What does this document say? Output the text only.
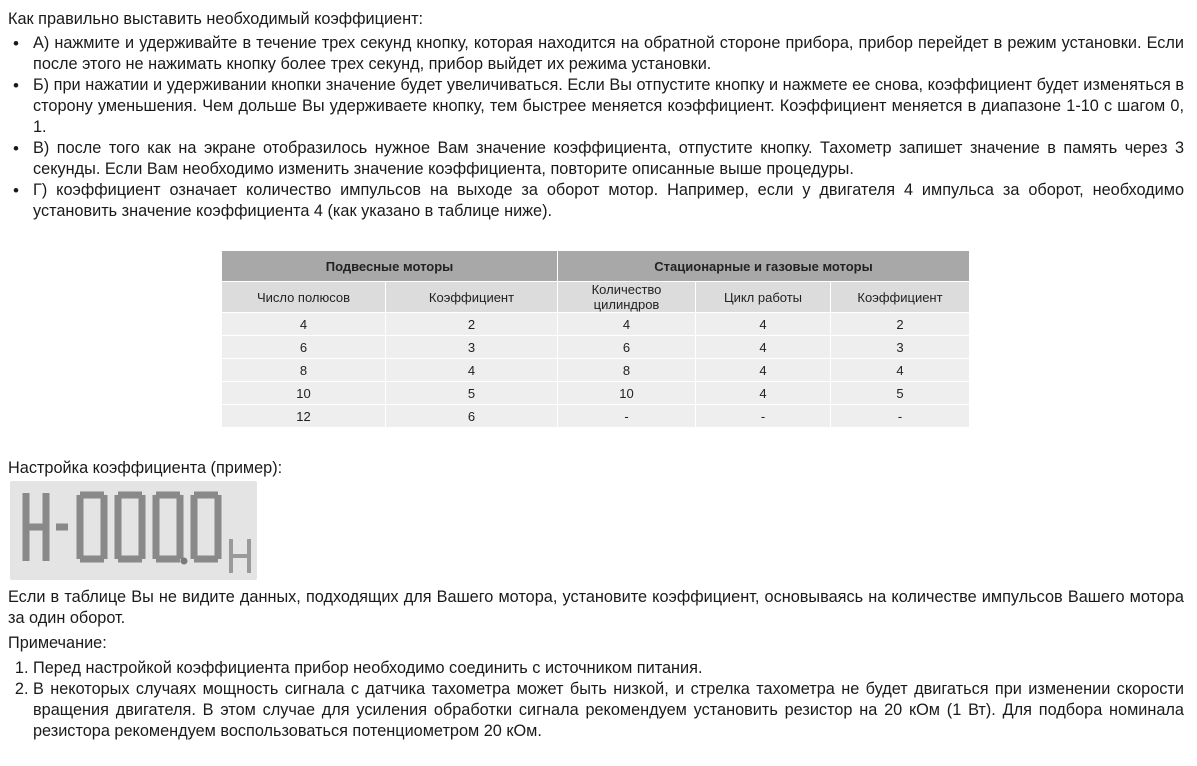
Как правильно выставить необходимый коэффициент:
• А) нажмите и удерживайте в течение трех секунд кнопку, которая находится на обратной стороне прибора, прибор перейдет в режим установки. Если после этого не нажимать кнопку более трех секунд, прибор выйдет их режима установки.
• Б) при нажатии и удерживании кнопки значение будет увеличиваться. Если Вы отпустите кнопку и нажмете ее снова, коэффициент будет изменяться в сторону уменьшения. Чем дольше Вы удерживаете кнопку, тем быстрее меняется коэффициент. Коэффициент меняется в диапазоне 1-10 с шагом 0, 1.
• В) после того как на экране отобразилось нужное Вам значение коэффициента, отпустите кнопку. Тахометр запишет значение в память через 3 секунды. Если Вам необходимо изменить значение коэффициента, повторите описанные выше процедуры.
• Г) коэффициент означает количество импульсов на выходе за оборот мотор. Например, если у двигателя 4 импульса за оборот, необходимо установить значение коэффициента 4 (как указано в таблице ниже).
Подвесные моторы		Стационарные и газовые моторы		
Число полюсов	Коэффициент	Количество цилиндров	Цикл работы	Коэффициент
4	2	4	4	2
6	3	6	4	3
8	4	8	4	4
10	5	10	4	5
12	6	-	-	-
Настройка коэффициента (пример):
Если в таблице Вы не видите данных, подходящих для Вашего мотора, установите коэффициент, основываясь на количестве импульсов Вашего мотора за один оборот.
Примечание:
1. Перед настройкой коэффициента прибор необходимо соединить с источником питания.
2. В некоторых случаях мощность сигнала с датчика тахометра может быть низкой, и стрелка тахометра не будет двигаться при изменении скорости вращения двигателя. В этом случае для усиления обработки сигнала рекомендуем установить резистор на 20 кОм (1 Вт). Для подбора номинала резистора рекомендуем воспользоваться потенциометром 20 кОм.
